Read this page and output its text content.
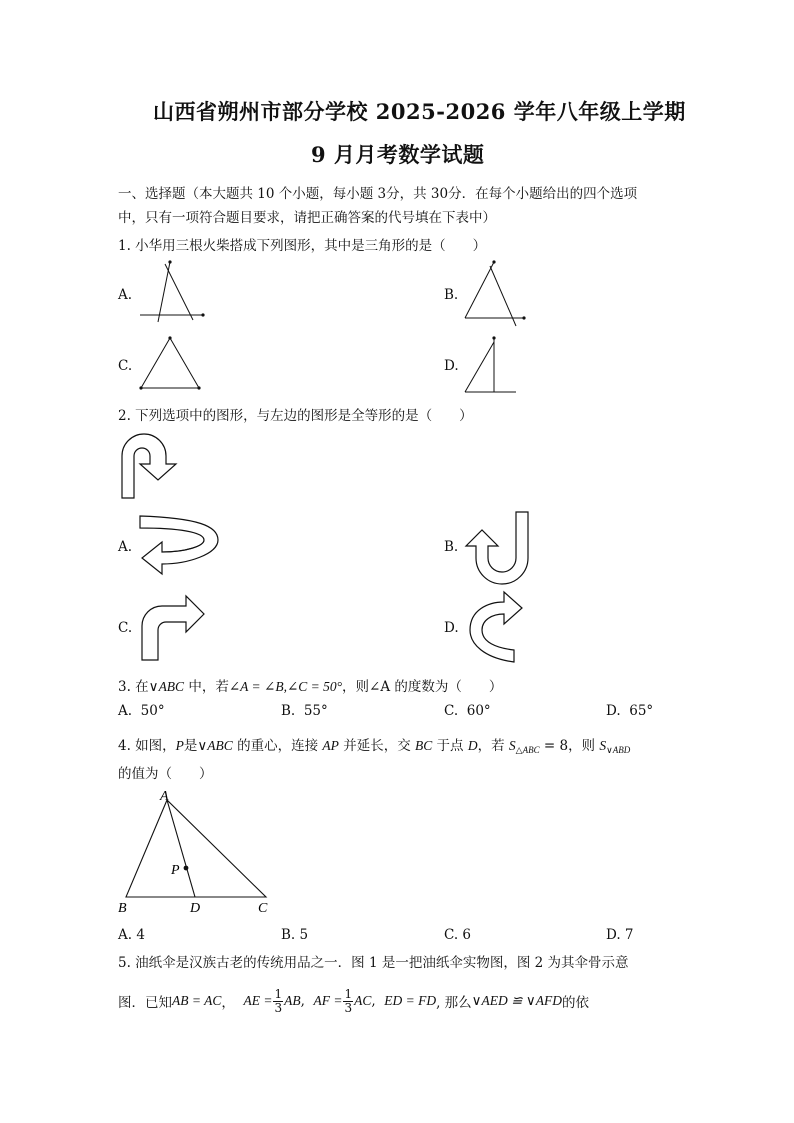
山西省朔州市部分学校 2025-2026 学年八年级上学期
9 月月考数学试题
一、选择题（本大题共 10 个小题，每小题 3分，共 30分．在每个小题给出的四个选项
中，只有一项符合题目要求，请把正确答案的代号填在下表中）
1. 小华用三根火柴搭成下列图形，其中是三角形的是（　　）
A.	B.
C.	D.
2. 下列选项中的图形，与左边的图形是全等形的是（　　）
A.	B.
C.	D.
3. 在∨ABC 中，若∠A = ∠B,∠C = 50°，则∠A 的度数为（　　）
A. 50°	B. 55°	C. 60°	D. 65°
4. 如图，P是∨ABC 的重心，连接 AP 并延长，交 BC 于点 D，若 $S_{\triangle ABC} = 8$，则 $S_{\vee ABD}$
的值为（　　）
A
B	D	C
P
A. 4	B. 5	C. 6	D. 7
5. 油纸伞是汉族古老的传统用品之一．图 1 是一把油纸伞实物图，图 2 为其伞骨示意
图．已知 AB = AC ，
AE = $\frac{1}{3}$ AB , AF = $\frac{1}{3}$ AC , ED = FD , 那么 ∨AED ≌ ∨AFD 的依
